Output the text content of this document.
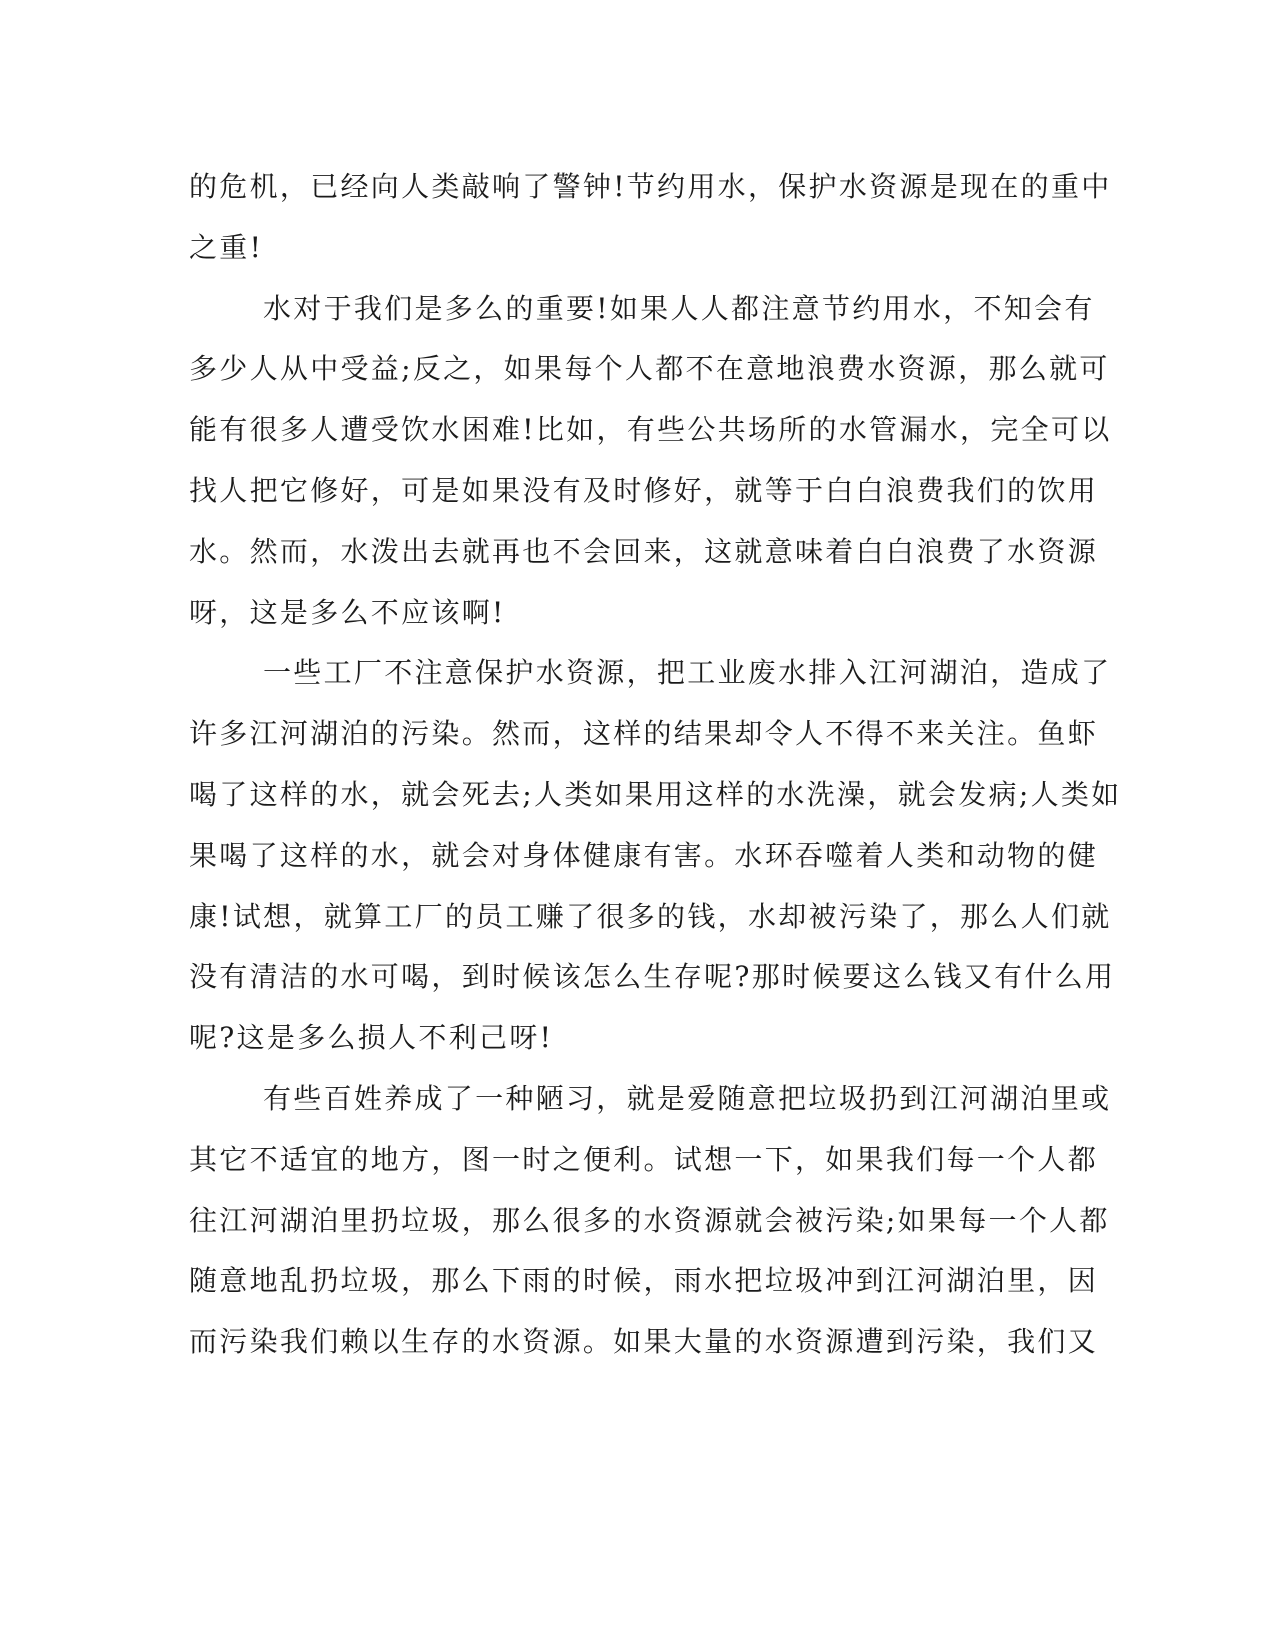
的危机，已经向人类敲响了警钟!节约用水，保护水资源是现在的重中
之重!
水对于我们是多么的重要!如果人人都注意节约用水，不知会有
多少人从中受益;反之，如果每个人都不在意地浪费水资源，那么就可
能有很多人遭受饮水困难!比如，有些公共场所的水管漏水，完全可以
找人把它修好，可是如果没有及时修好，就等于白白浪费我们的饮用
水。然而，水泼出去就再也不会回来，这就意味着白白浪费了水资源
呀，这是多么不应该啊!
一些工厂不注意保护水资源，把工业废水排入江河湖泊，造成了
许多江河湖泊的污染。然而，这样的结果却令人不得不来关注。鱼虾
喝了这样的水，就会死去;人类如果用这样的水洗澡，就会发病;人类如
果喝了这样的水，就会对身体健康有害。水环吞噬着人类和动物的健
康!试想，就算工厂的员工赚了很多的钱，水却被污染了，那么人们就
没有清洁的水可喝，到时候该怎么生存呢?那时候要这么钱又有什么用
呢?这是多么损人不利己呀!
有些百姓养成了一种陋习，就是爱随意把垃圾扔到江河湖泊里或
其它不适宜的地方，图一时之便利。试想一下，如果我们每一个人都
往江河湖泊里扔垃圾，那么很多的水资源就会被污染;如果每一个人都
随意地乱扔垃圾，那么下雨的时候，雨水把垃圾冲到江河湖泊里，因
而污染我们赖以生存的水资源。如果大量的水资源遭到污染，我们又
